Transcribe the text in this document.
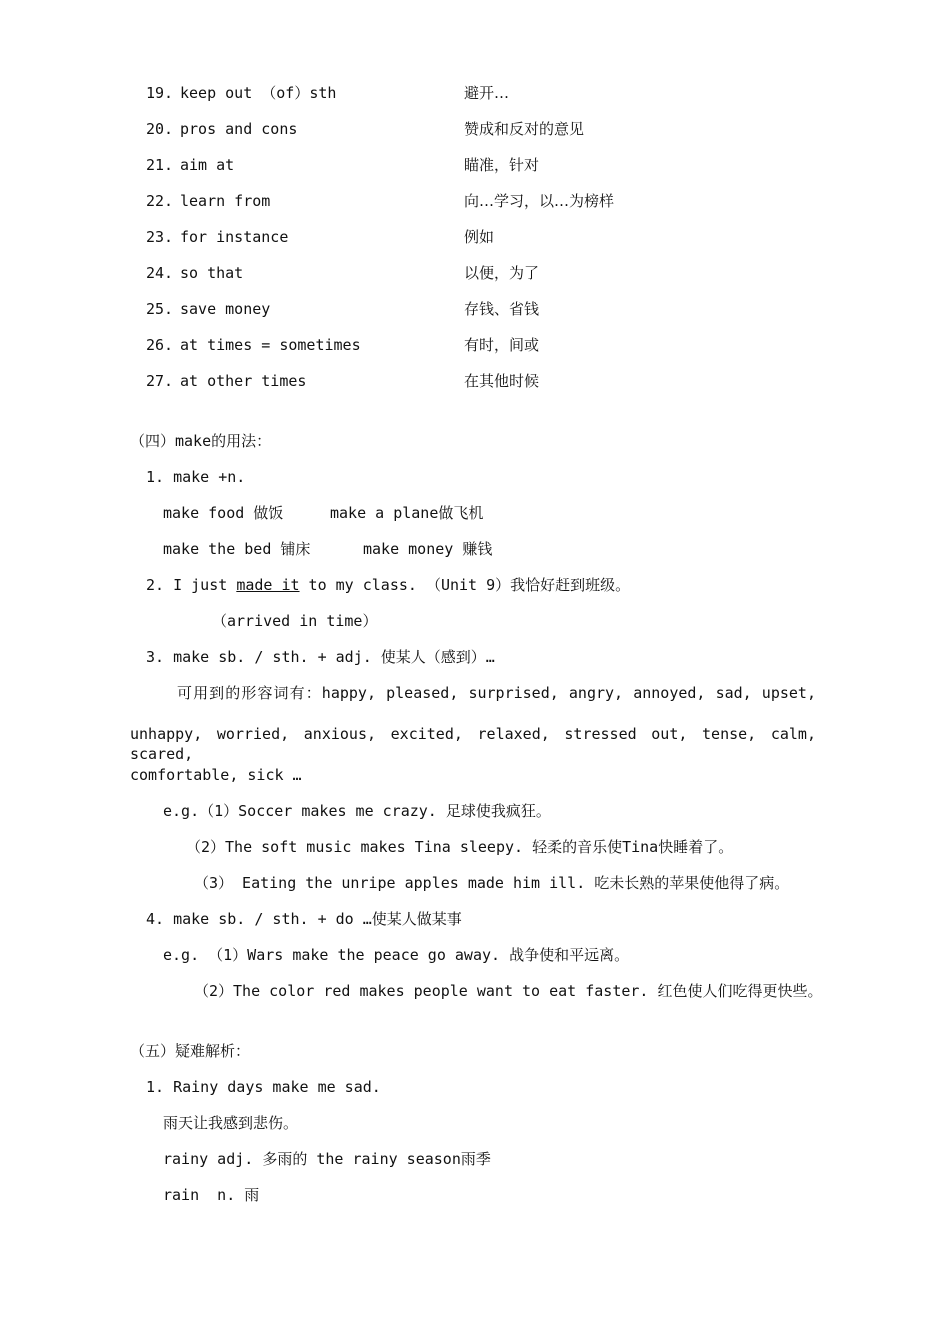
19. keep out （of）sth	避开…
20. pros and cons	赞成和反对的意见
21. aim at	瞄准，针对
22. learn from	向…学习，以…为榜样
23. for instance	例如
24. so that	以便，为了
25. save money	存钱、省钱
26. at times = sometimes	有时，间或
27. at other times	在其他时候
（四）make的用法：
1. make +n.
make food 做饭	make a plane做飞机
make the bed 铺床	make money 赚钱
2. I just made it to my class. （Unit 9）我恰好赶到班级。
（arrived in time）
3. make sb. / sth. + adj. 使某人（感到）…
可用到的形容词有：happy, pleased, surprised, angry, annoyed, sad, upset,
unhappy, worried, anxious, excited, relaxed, stressed out, tense, calm, scared,
comfortable, sick …
e.g.（1）Soccer makes me crazy. 足球使我疯狂。
（2）The soft music makes Tina sleepy. 轻柔的音乐使Tina快睡着了。
（3） Eating the unripe apples made him ill. 吃未长熟的苹果使他得了病。
4. make sb. / sth. + do …使某人做某事
e.g. （1）Wars make the peace go away. 战争使和平远离。
（2）The color red makes people want to eat faster. 红色使人们吃得更快些。
（五）疑难解析：
1. Rainy days make me sad.
雨天让我感到悲伤。
rainy adj. 多雨的 the rainy season雨季
rain  n. 雨
